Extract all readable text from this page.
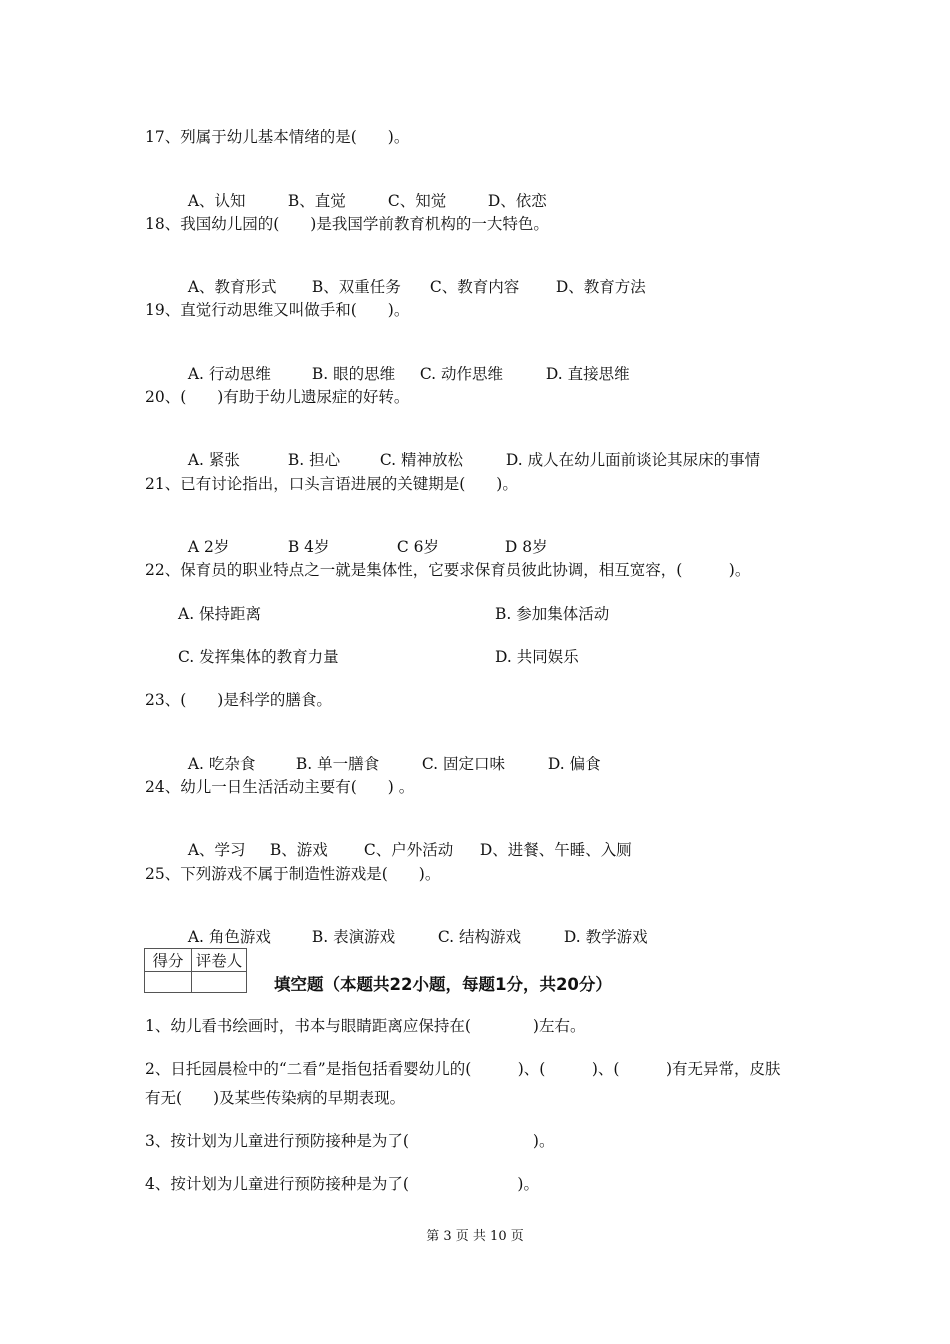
17、列属于幼儿基本情绪的是(　　)。

A、认知	B、直觉	C、知觉	D、依恋

18、我国幼儿园的(　　)是我国学前教育机构的一大特色。

A、教育形式 B、双重任务 C、教育内容 D、教育方法

19、直觉行动思维又叫做手和(　　)。

A. 行动思维	B. 眼的思维 C. 动作思维	D. 直接思维

20、(　　)有助于幼儿遗尿症的好转。

A. 紧张	B. 担心	C. 精神放松	D. 成人在幼儿面前谈论其尿床的事情

21、已有讨论指出，口头言语进展的关键期是(　　)。

A 2岁	B 4岁	C 6岁	D 8岁

22、保育员的职业特点之一就是集体性，它要求保育员彼此协调，相互宽容，(　　　)。
A. 保持距离	B. 参加集体活动
C. 发挥集体的教育力量	D. 共同娱乐
23、(　　)是科学的膳食。

A. 吃杂食	B. 单一膳食	C. 固定口味	D. 偏食

24、幼儿一日生活活动主要有(　　) 。

A、学习 B、游戏 C、户外活动 D、进餐、午睡、入厕

25、下列游戏不属于制造性游戏是(　　)。

A. 角色游戏	B. 表演游戏	C. 结构游戏	D. 教学游戏

得分	评卷人

填空题（本题共22小题，每题1分，共20分）
1、幼儿看书绘画时，书本与眼睛距离应保持在(　　　　)左右。
2、日托园晨检中的“二看”是指包括看婴幼儿的(　　　)、(　　　)、(　　　)有无异常，皮肤
有无(　　)及某些传染病的早期表现。
3、按计划为儿童进行预防接种是为了(　　　　　　　　)。
4、按计划为儿童进行预防接种是为了(　　　　　　　)。
第 3 页 共 10 页
